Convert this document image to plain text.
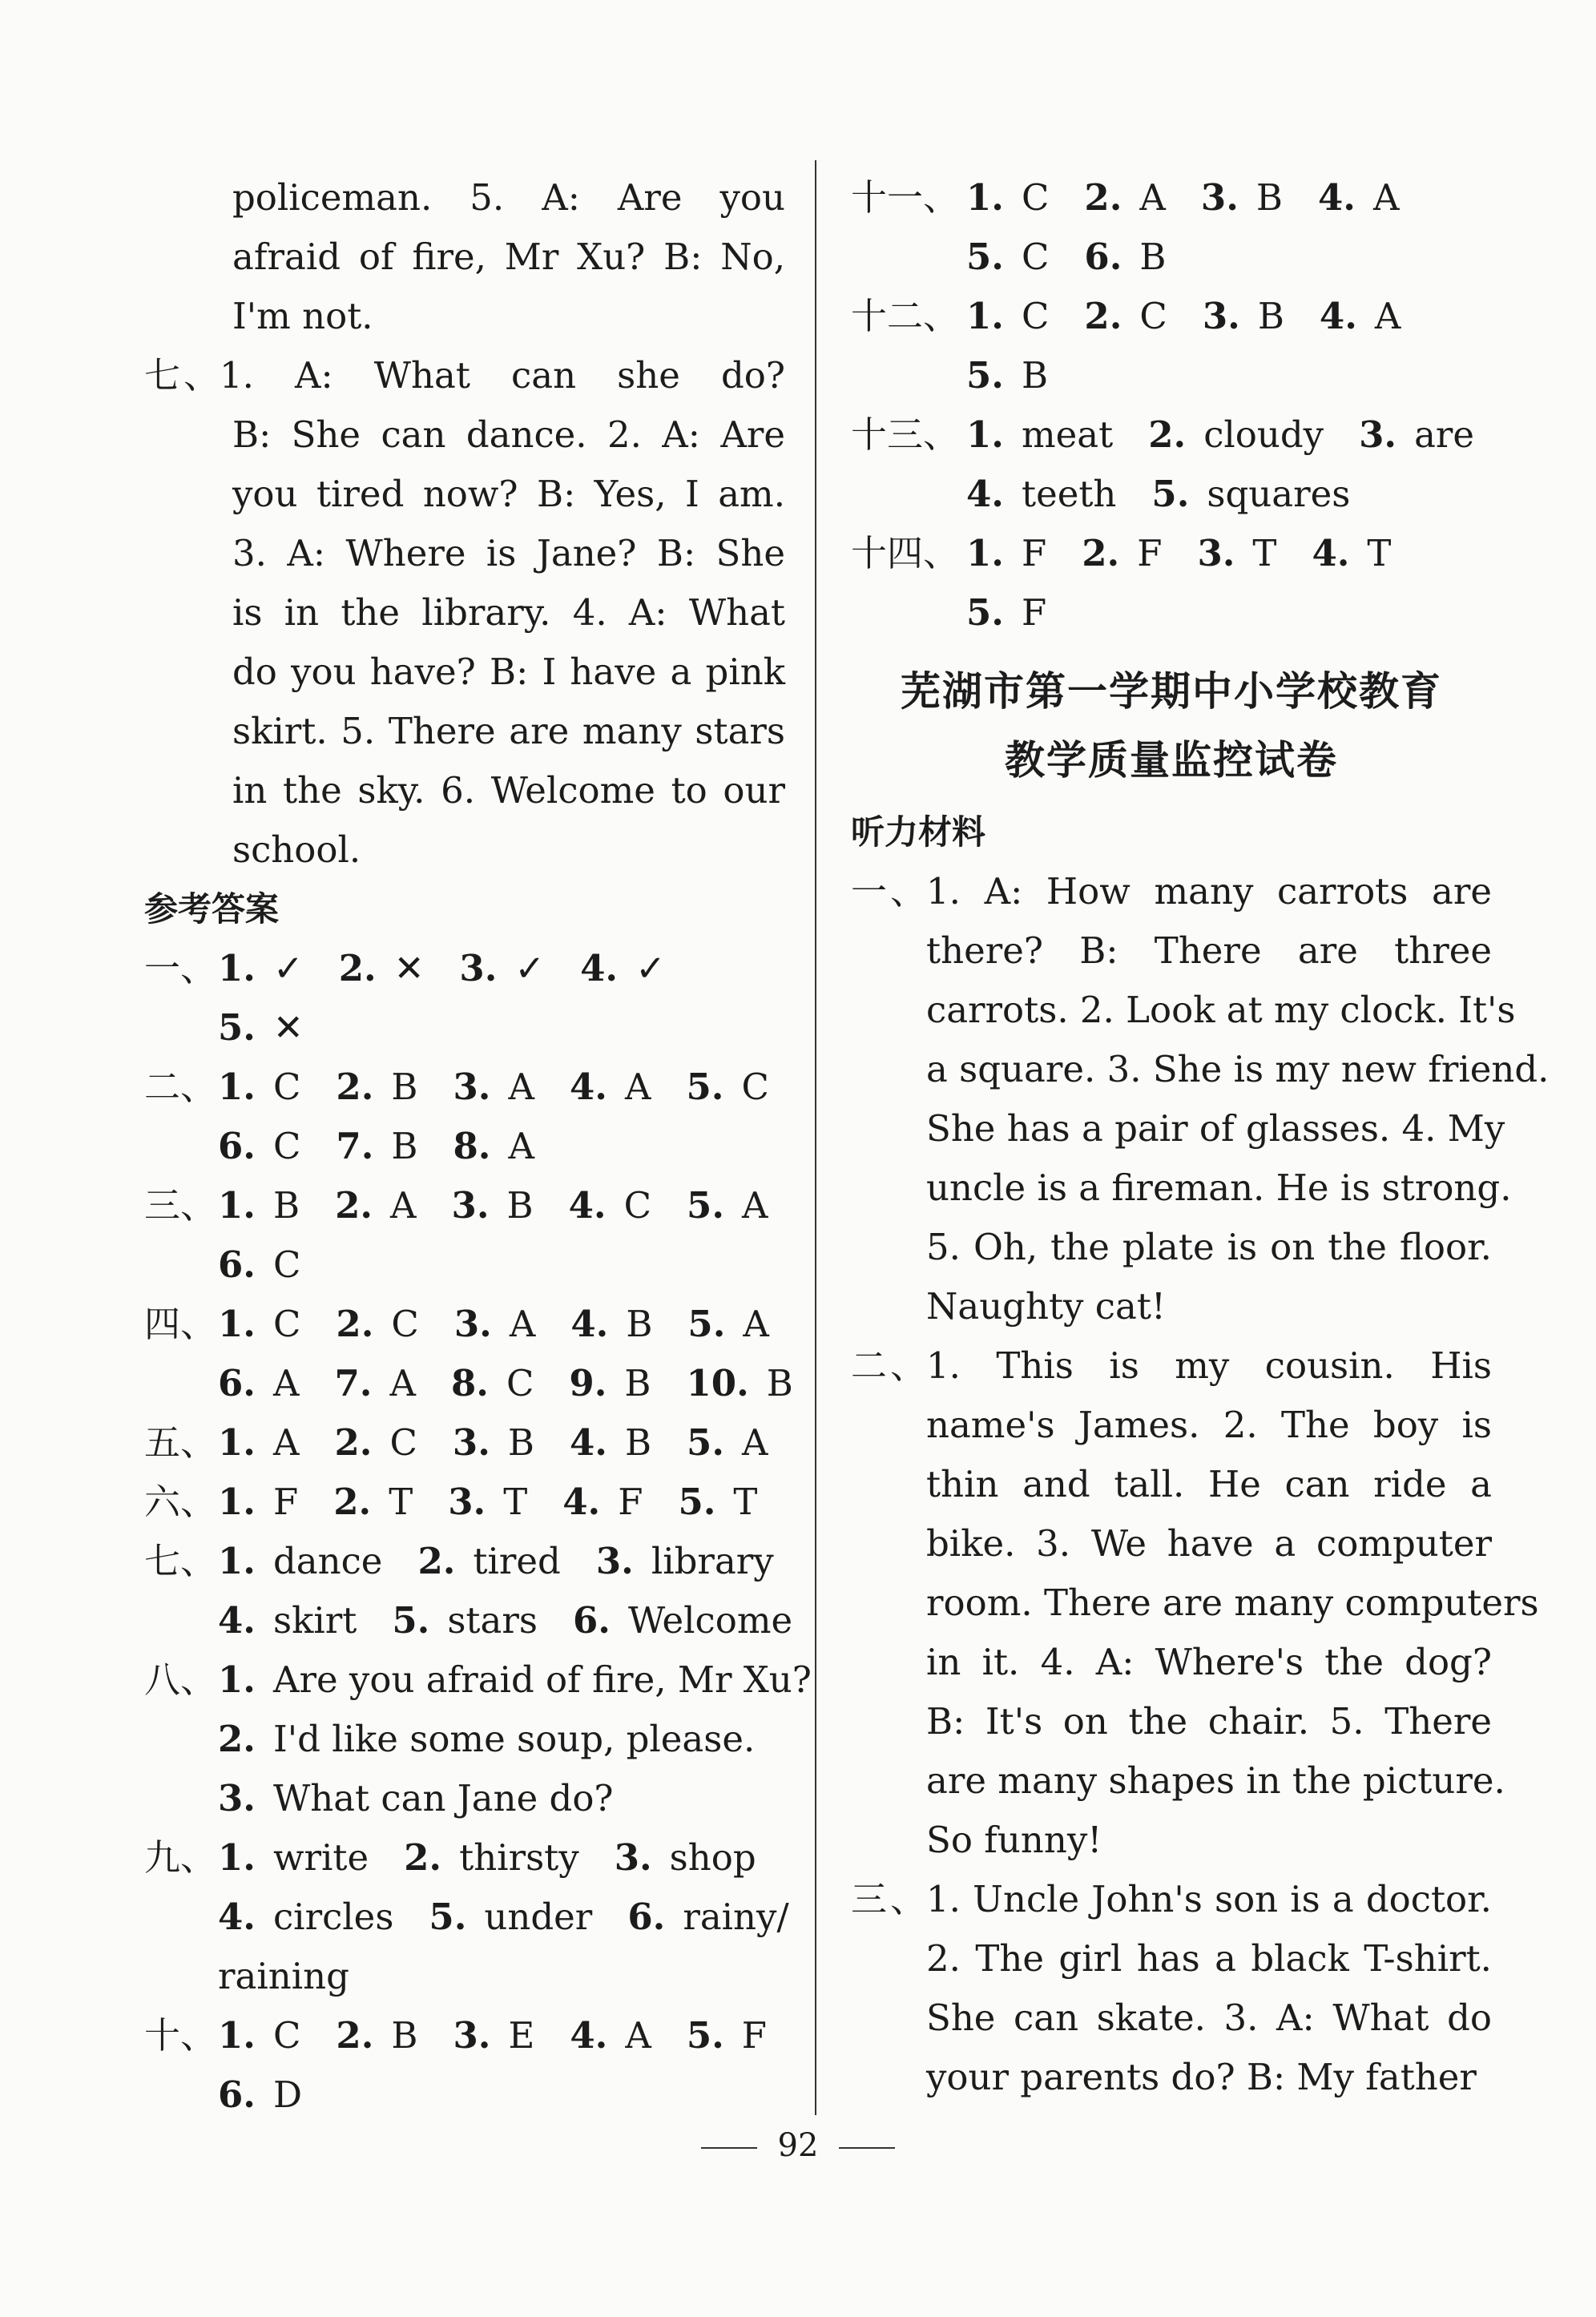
policeman. 5. A: Are you
afraid of fire, Mr Xu? B: No,
I'm not.
七、1. A: What can she do?
B: She can dance. 2. A: Are
you tired now? B: Yes, I am.
3. A: Where is Jane? B: She
is in the library. 4. A: What
do you have? B: I have a pink
skirt. 5. There are many stars
in the sky. 6. Welcome to our
school.
参考答案
一、1. ✓ 2. ✕ 3. ✓ 4. ✓
5. ✕
二、1. C 2. B 3. A 4. A 5. C
6. C 7. B 8. A
三、1. B 2. A 3. B 4. C 5. A
6. C
四、1. C 2. C 3. A 4. B 5. A
6. A 7. A 8. C 9. B 10. B
五、1. A 2. C 3. B 4. B 5. A
六、1. F 2. T 3. T 4. F 5. T
七、1. dance 2. tired 3. library
4. skirt 5. stars 6. Welcome
八、1. Are you afraid of fire, Mr Xu?
2. I'd like some soup, please.
3. What can Jane do?
九、1. write 2. thirsty 3. shop
4. circles 5. under 6. rainy/
raining
十、1. C 2. B 3. E 4. A 5. F
6. D
十一、 1. C 2. A 3. B 4. A
5. C 6. B
十二、 1. C 2. C 3. B 4. A
5. B
十三、 1. meat 2. cloudy 3. are
4. teeth 5. squares
十四、 1. F 2. F 3. T 4. T
5. F
芜湖市第一学期中小学校教育
教学质量监控试卷
听力材料
一、1. A: How many carrots are
there? B: There are three
carrots. 2. Look at my clock. It's
a square. 3. She is my new friend.
She has a pair of glasses. 4. My
uncle is a fireman. He is strong.
5. Oh, the plate is on the floor.
Naughty cat!
二、1. This is my cousin. His
name's James. 2. The boy is
thin and tall. He can ride a
bike. 3. We have a computer
room. There are many computers
in it. 4. A: Where's the dog?
B: It's on the chair. 5. There
are many shapes in the picture.
So funny!
三、1. Uncle John's son is a doctor.
2. The girl has a black T-shirt.
She can skate. 3. A: What do
your parents do? B: My father
92
